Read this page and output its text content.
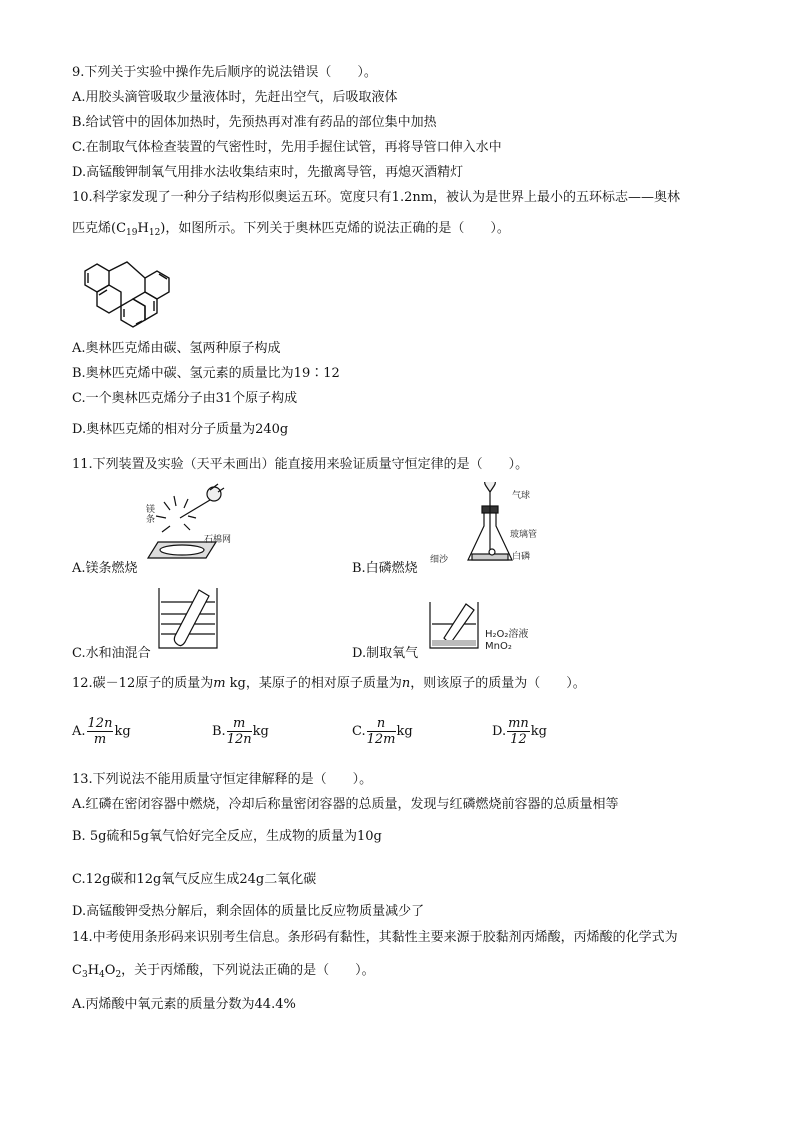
9.下列关于实验中操作先后顺序的说法错误（　　）。
A.用胶头滴管吸取少量液体时，先赶出空气，后吸取液体
B.给试管中的固体加热时，先预热再对准有药品的部位集中加热
C.在制取气体检查装置的气密性时，先用手握住试管，再将导管口伸入水中
D.高锰酸钾制氧气用排水法收集结束时，先撤离导管，再熄灭酒精灯
10.科学家发现了一种分子结构形似奥运五环。宽度只有1.2nm，被认为是世界上最小的五环标志——奥林
匹克烯$(C_{19}H_{12})$，如图所示。下列关于奥林匹克烯的说法正确的是（　　）。
A.奥林匹克烯由碳、氢两种原子构成
B.奥林匹克烯中碳、氢元素的质量比为19∶12
C.一个奥林匹克烯分子由31个原子构成
D.奥林匹克烯的相对分子质量为240g
11.下列装置及实验（天平未画出）能直接用来验证质量守恒定律的是（　　）。
镁条
石棉网
A.镁条燃烧
气球
玻璃管
细沙	白磷
B.白磷燃烧
C.水和油混合
H₂O₂溶液
MnO₂
D.制取氧气
12.碳－12原子的质量为m kg，某原子的相对原子质量为n，则该原子的质量为（　　）。
A. $\frac{12n}{m}$ kg	B. $\frac{m}{12n}$ kg	C. $\frac{n}{12m}$ kg	D. $\frac{mn}{12}$ kg
13.下列说法不能用质量守恒定律解释的是（　　）。
A.红磷在密闭容器中燃烧，冷却后称量密闭容器的总质量，发现与红磷燃烧前容器的总质量相等
B. 5g硫和5g氧气恰好完全反应，生成物的质量为10g
C.12g碳和12g氧气反应生成24g二氧化碳
D.高锰酸钾受热分解后，剩余固体的质量比反应物质量减少了
14.中考使用条形码来识别考生信息。条形码有黏性，其黏性主要来源于胶黏剂丙烯酸，丙烯酸的化学式为
$C_3H_4O_2$，关于丙烯酸，下列说法正确的是（　　）。
A.丙烯酸中氧元素的质量分数为44.4%
